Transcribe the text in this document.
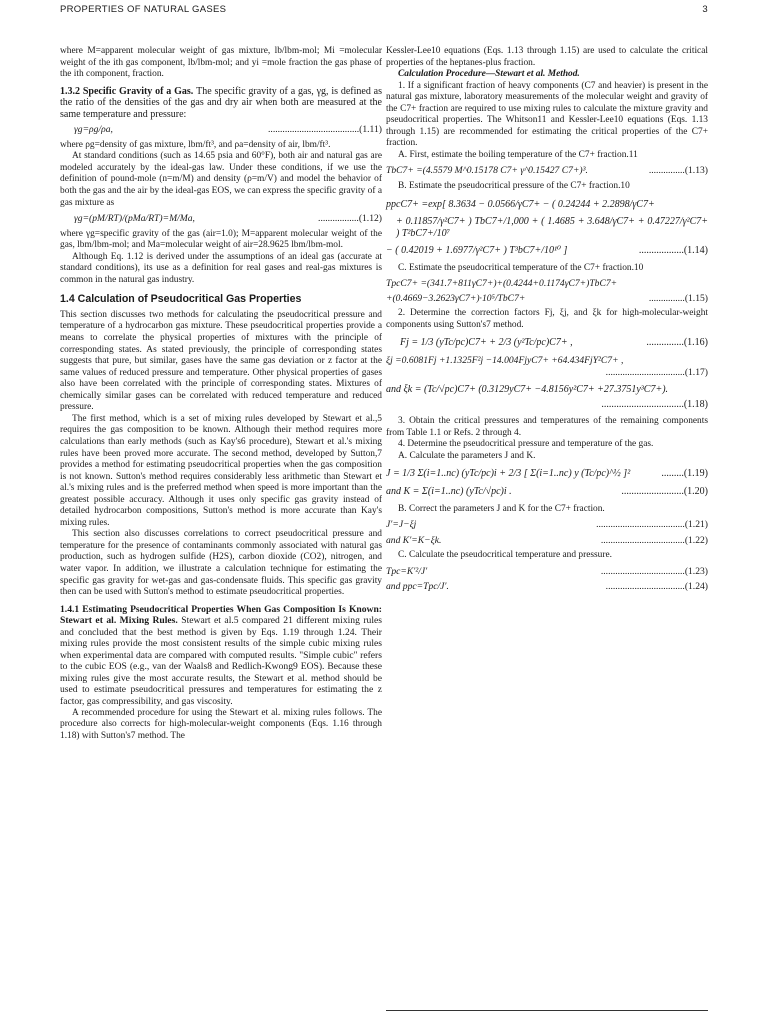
PROPERTIES OF NATURAL GASES	3

where M=apparent molecular weight of gas mixture, lb/lbm-mol; Mi =molecular weight of the ith gas component, lb/lbm-mol; and yi =mole fraction the gas phase of the ith component, fraction.

1.3.2 Specific Gravity of a Gas. The specific gravity of a gas, γg, is defined as the ratio of the densities of the gas and dry air when both are measured at the same temperature and pressure:

γg=ρg/ρa,	......................................(1.11)

where ρg=density of gas mixture, lbm/ft³, and ρa=density of air, lbm/ft³.

At standard conditions (such as 14.65 psia and 60°F), both air and natural gas are modeled accurately by the ideal-gas law. Under these conditions, if we use the definition of pound-mole (n=m/M) and density (ρ=m/V) and model the behavior of both the gas and the air by the ideal-gas EOS, we can express the specific gravity of a gas mixture as

γg=(pM/RT)/(pMa/RT)=M/Ma,	.................(1.12)

where γg=specific gravity of the gas (air=1.0); M=apparent molecular weight of the gas, lbm/lbm-mol; and Ma=molecular weight of air=28.9625 lbm/lbm-mol.

Although Eq. 1.12 is derived under the assumptions of an ideal gas (accurate at standard conditions), its use as a definition for real gases and real-gas mixtures is common in the natural gas industry.

1.4 Calculation of Pseudocritical Gas Properties

This section discusses two methods for calculating the pseudocritical pressure and temperature of a hydrocarbon gas mixture. These pseudocritical properties provide a means to correlate the physical properties of mixtures with the principle of corresponding states. As stated previously, the principle of corresponding states suggests that pure, but similar, gases have the same gas deviation or z factor at the same values of reduced pressure and temperature. Other physical properties of gases also have been correlated with the principle of corresponding states. Mixtures of chemically similar gases can be correlated with reduced temperature and reduced pressure.

The first method, which is a set of mixing rules developed by Stewart et al.,5 requires the gas composition to be known. Although their method requires more calculations than early methods (such as Kay's6 procedure), Stewart et al.'s mixing rules have been proved more accurate. The second method, developed by Sutton,7 provides a method for estimating pseudocritical properties when the gas composition is not known. Sutton's method requires considerably less arithmetic than Stewart et al.'s mixing rules and is the preferred method when speed is more important than the greatest possible accuracy. Although it uses only specific gas gravity instead of detailed hydrocarbon compositions, Sutton's method is more accurate than Kay's mixing rules.

This section also discusses correlations to correct pseudocritical pressure and temperature for the presence of contaminants commonly associated with natural gas production, such as hydrogen sulfide (H2S), carbon dioxide (CO2), nitrogen, and water vapor. In addition, we illustrate a calculation technique for estimating the specific gas gravity for wet-gas and gas-condensate fluids. This specific gas gravity then can be used with Sutton's method to estimate pseudocritical properties.

1.4.1 Estimating Pseudocritical Properties When Gas Composition Is Known: Stewart et al. Mixing Rules. Stewart et al.5 compared 21 different mixing rules and concluded that the best method is given by Eqs. 1.19 through 1.24. Their mixing rules provide the most consistent results of the simple cubic mixing rules when experimental data are compared with computed results. "Simple cubic" refers to the cubic EOS (e.g., van der Waals8 and Redlich-Kwong9 EOS). Because these mixing rules give the most accurate results, the Stewart et al. method should be used to estimate pseudocritical pressures and temperatures for estimating the z factor, gas compressibility, and gas viscosity.

A recommended procedure for using the Stewart et al. mixing rules follows. The procedure also corrects for high-molecular-weight components (Eqs. 1.16 through 1.18) with Sutton's7 method. The

Kessler-Lee10 equations (Eqs. 1.13 through 1.15) are used to calculate the critical properties of the heptanes-plus fraction.

Calculation Procedure—Stewart et al. Method.

1. If a significant fraction of heavy components (C7 and heavier) is present in the natural gas mixture, laboratory measurements of the molecular weight and gravity of the C7+ fraction are required to use mixing rules to calculate the mixture gravity and pseudocritical properties. The Whitson11 and Kessler-Lee10 equations (Eqs. 1.13 through 1.15) are recommended for estimating the critical properties of the C7+ fraction.

A. First, estimate the boiling temperature of the C7+ fraction.11

TbC7+ =(4.5579 M^0.15178 C7+ γ^0.15427 C7+)³.	...............(1.13)

B. Estimate the pseudocritical pressure of the C7+ fraction.10

ppcC7+ =exp[ 8.3634 − 0.0566/γC7+ − ( 0.24244 + 2.2898/γC7+
+ 0.11857/γ²C7+ ) TbC7+/1,000 + ( 1.4685 + 3.648/γC7+ + 0.47227/γ²C7+ ) T²bC7+/10⁷
− ( 0.42019 + 1.6977/γ²C7+ ) T³bC7+/10¹⁰ ]	..................(1.14)

C. Estimate the pseudocritical temperature of the C7+ fraction.10

TpcC7+ =(341.7+811γC7+)+(0.4244+0.1174γC7+)TbC7+
+(0.4669−3.2623γC7+)·10⁵/TbC7+	...............(1.15)

2. Determine the correction factors Fj, ξj, and ξk for high-molecular-weight components using Sutton's7 method.

Fj = 1/3 (yTc/pc)C7+ + 2/3 (y²Tc/pc)C7+ ,	...............(1.16)
ξj =0.6081Fj +1.1325F²j −14.004FjyC7+ +64.434FjY²C7+ ,
.................................(1.17)
and ξk = (Tc/√pc)C7+ (0.3129yC7+ −4.8156y²C7+ +27.3751y³C7+).
.................................(1.18)

3. Obtain the critical pressures and temperatures of the remaining components from Table 1.1 or Refs. 2 through 4.

4. Determine the pseudocritical pressure and temperature of the gas.

A. Calculate the parameters J and K.

J = 1/3 Σ(i=1..nc) (yTc/pc)i + 2/3 [ Σ(i=1..nc) y (Tc/pc)^½ ]²	.........(1.19)
and K = Σ(i=1..nc) (yTc/√pc)i .	.........................(1.20)

B. Correct the parameters J and K for the C7+ fraction.

J′=J−ξj	.....................................(1.21)
and K′=K−ξk.	...................................(1.22)

C. Calculate the pseudocritical temperature and pressure.

Tpc=K′²/J′	...................................(1.23)
and ppc=Tpc/J′.	.................................(1.24)
